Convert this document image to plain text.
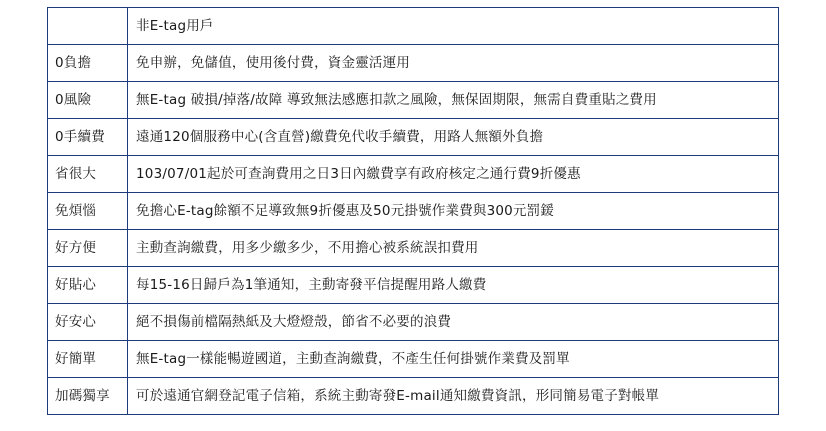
	非E-tag用戶
0負擔	免申辦，免儲值，使用後付費，資金靈活運用
0風險	無E-tag 破損/掉落/故障 導致無法感應扣款之風險，無保固期限，無需自費重貼之費用
0手續費	遠通120個服務中心(含直營)繳費免代收手續費，用路人無額外負擔
省很大	103/07/01起於可查詢費用之日3日內繳費享有政府核定之通行費9折優惠
免煩惱	免擔心E-tag餘額不足導致無9折優惠及50元掛號作業費與300元罰鍰
好方便	主動查詢繳費，用多少繳多少，不用擔心被系統誤扣費用
好貼心	每15-16日歸戶為1筆通知，主動寄發平信提醒用路人繳費
好安心	絕不損傷前檔隔熱紙及大燈燈殼，節省不必要的浪費
好簡單	無E-tag一樣能暢遊國道，主動查詢繳費，不產生任何掛號作業費及罰單
加碼獨享	可於遠通官網登記電子信箱，系統主動寄發E-mail通知繳費資訊，形同簡易電子對帳單
